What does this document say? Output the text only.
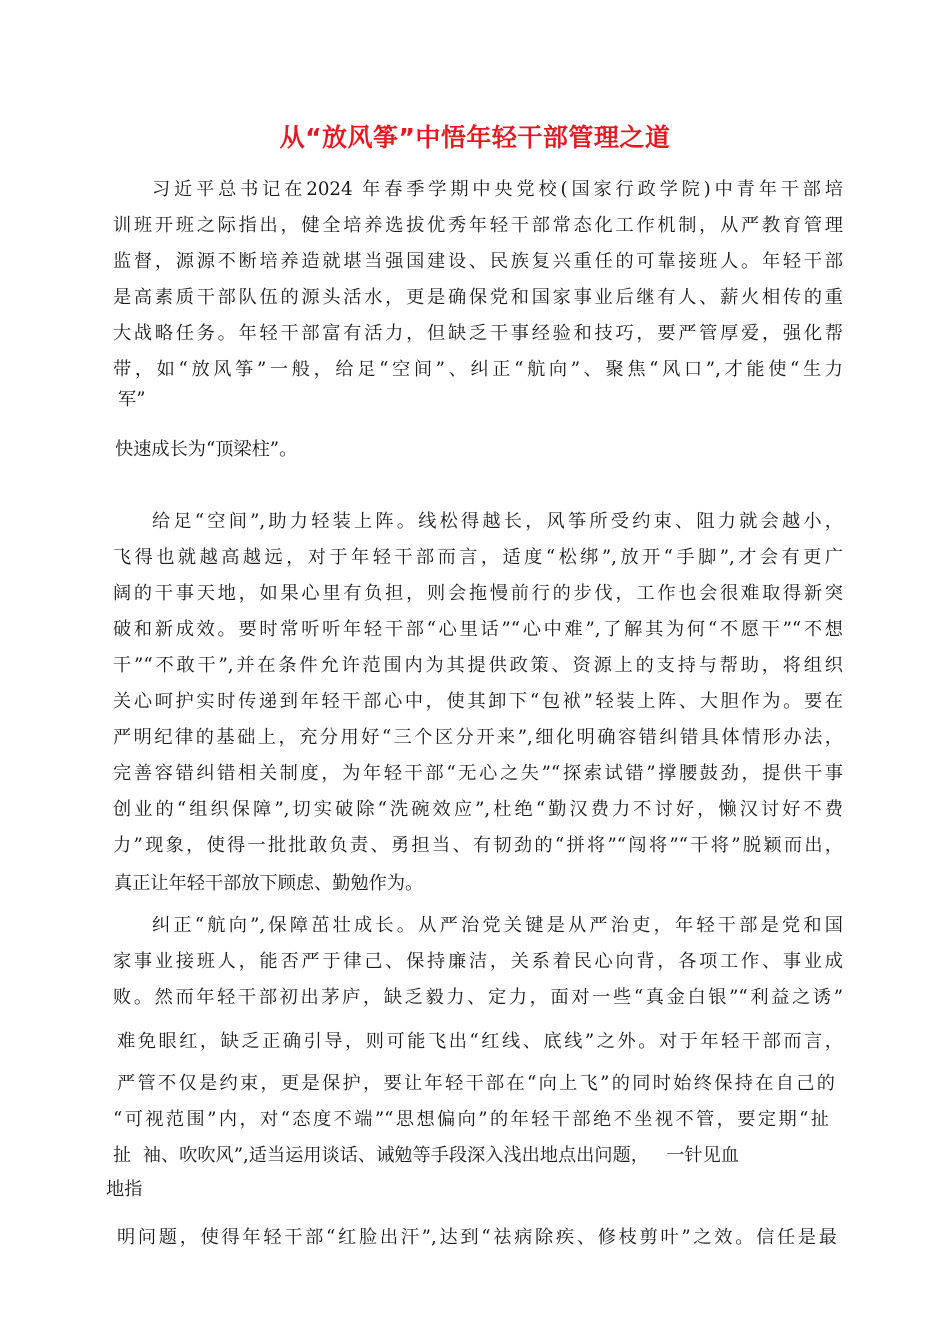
从“放风筝”中悟年轻干部管理之道
习近平总书记在2024 年春季学期中央党校(国家行政学院)中青年干部培
训班开班之际指出，健全培养选拔优秀年轻干部常态化工作机制，从严教育管理
监督，源源不断培养造就堪当强国建设、民族复兴重任的可靠接班人。年轻干部
是高素质干部队伍的源头活水，更是确保党和国家事业后继有人、薪火相传的重
大战略任务。年轻干部富有活力，但缺乏干事经验和技巧，要严管厚爱，强化帮
带，如“放风筝”一般，给足“空间”、纠正“航向”、聚焦“风口”,才能使“生力
军”
快速成长为“顶梁柱”。
给足“空间”,助力轻装上阵。线松得越长，风筝所受约束、阻力就会越小，
飞得也就越高越远，对于年轻干部而言，适度“松绑”,放开“手脚”,才会有更广
阔的干事天地，如果心里有负担，则会拖慢前行的步伐，工作也会很难取得新突
破和新成效。要时常听听年轻干部“心里话”“心中难”,了解其为何“不愿干”“不想
干”“不敢干”,并在条件允许范围内为其提供政策、资源上的支持与帮助，将组织
关心呵护实时传递到年轻干部心中，使其卸下“包袱”轻装上阵、大胆作为。要在
严明纪律的基础上，充分用好“三个区分开来”,细化明确容错纠错具体情形办法，
完善容错纠错相关制度，为年轻干部“无心之失”“探索试错”撑腰鼓劲，提供干事
创业的“组织保障”,切实破除“洗碗效应”,杜绝“勤汉费力不讨好，懒汉讨好不费
力”现象，使得一批批敢负责、勇担当、有韧劲的“拼将”“闯将”“干将”脱颖而出，
真正让年轻干部放下顾虑、勤勉作为。
纠正“航向”,保障茁壮成长。从严治党关键是从严治吏，年轻干部是党和国
家事业接班人，能否严于律己、保持廉洁，关系着民心向背，各项工作、事业成
败。然而年轻干部初出茅庐，缺乏毅力、定力，面对一些“真金白银”“利益之诱”
难免眼红，缺乏正确引导，则可能飞出“红线、底线”之外。对于年轻干部而言，
严管不仅是约束，更是保护，要让年轻干部在“向上飞”的同时始终保持在自己的
“可视范围”内，对“态度不端”“思想偏向”的年轻干部绝不坐视不管，要定期“扯
扯  袖、吹吹风”,适当运用谈话、诫勉等手段深入浅出地点出问题，   一针见血
地指
明问题，使得年轻干部“红脸出汗”,达到“祛病除疾、修枝剪叶”之效。信任是最
